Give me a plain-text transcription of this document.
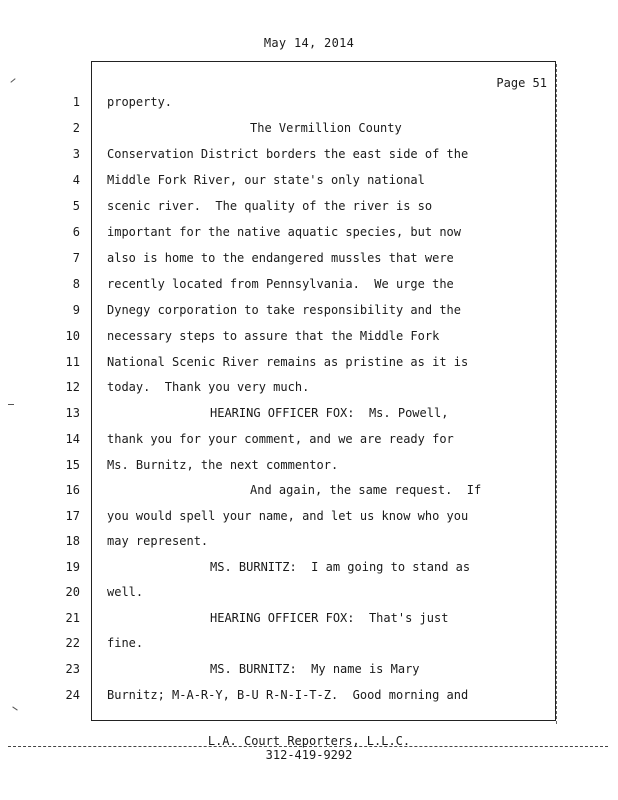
May 14, 2014
Page 51
1 property.
2	The Vermillion County
3 Conservation District borders the east side of the
4 Middle Fork River, our state's only national
5 scenic river.  The quality of the river is so
6 important for the native aquatic species, but now
7 also is home to the endangered mussles that were
8 recently located from Pennsylvania.  We urge the
9 Dynegy corporation to take responsibility and the
10 necessary steps to assure that the Middle Fork
11 National Scenic River remains as pristine as it is
12 today.  Thank you very much.
13	HEARING OFFICER FOX:  Ms. Powell,
14 thank you for your comment, and we are ready for
15 Ms. Burnitz, the next commentor.
16	And again, the same request.  If
17 you would spell your name, and let us know who you
18 may represent.
19	MS. BURNITZ:  I am going to stand as
20 well.
21	HEARING OFFICER FOX:  That's just
22 fine.
23	MS. BURNITZ:  My name is Mary
24 Burnitz; M-A-R-Y, B-U R-N-I-T-Z.  Good morning and
L.A. Court Reporters, L.L.C.
312-419-9292
